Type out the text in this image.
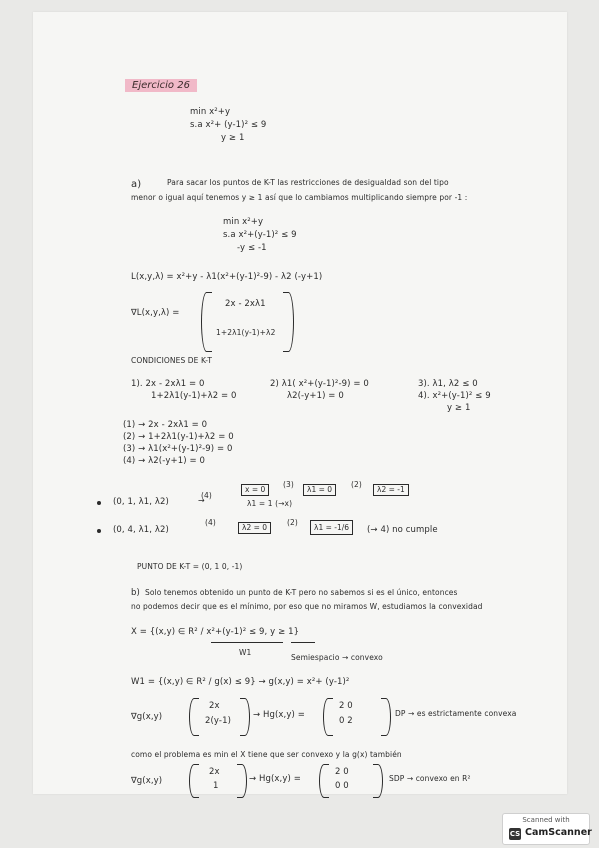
Ejercicio 26
min x²+y
s.a x²+ (y-1)² ≤ 9
y ≥ 1
a)	Para sacar los puntos de K-T las restricciones de desigualdad son del tipo
menor o igual aquí tenemos y ≥ 1 así que lo cambiamos multiplicando siempre por -1 :
min x²+y
s.a x²+(y-1)² ≤ 9
-y ≤ -1
L(x,y,λ) = x²+y - λ1(x²+(y-1)²-9) - λ2 (-y+1)
∇L(x,y,λ) =
2x - 2xλ1
1+2λ1(y-1)+λ2
CONDICIONES DE K-T
1). 2x - 2xλ1 = 0
1+2λ1(y-1)+λ2 = 0
2) λ1( x²+(y-1)²-9) = 0
λ2(-y+1) = 0
3). λ1, λ2 ≤ 0
4). x²+(y-1)² ≤ 9
y ≥ 1
(1) → 2x - 2xλ1 = 0
(2) → 1+2λ1(y-1)+λ2 = 0
(3) → λ1(x²+(y-1)²-9) = 0
(4) → λ2(-y+1) = 0
(0, 1, λ1, λ2)
(4)
→
x = 0
(3)
λ1 = 0
(2)
λ2 = -1
λ1 = 1 (→x)
(0, 4, λ1, λ2)
(4)
λ2 = 0
(2)
λ1 = -1/6	(→ 4) no cumple
PUNTO DE K-T = (0, 1 0, -1)
b) Solo tenemos obtenido un punto de K-T pero no sabemos si es el único, entonces
no podemos decir que es el mínimo, por eso que no miramos W, estudiamos la convexidad
X = {(x,y) ∈ R² / x²+(y-1)² ≤ 9, y ≥ 1}
W1
Semiespacio → convexo
W1 = {(x,y) ∈ R² / g(x) ≤ 9} → g(x,y) = x²+ (y-1)²
∇g(x,y)
2x
2(y-1)
→ Hg(x,y) =
2 0
0 2
DP → es estrictamente convexa
como el problema es min el X tiene que ser convexo y la g(x) también
∇g(x,y)
2x
1
→ Hg(x,y) =
2 0
0 0
SDP → convexo en R²
Scanned with
CS CamScanner
